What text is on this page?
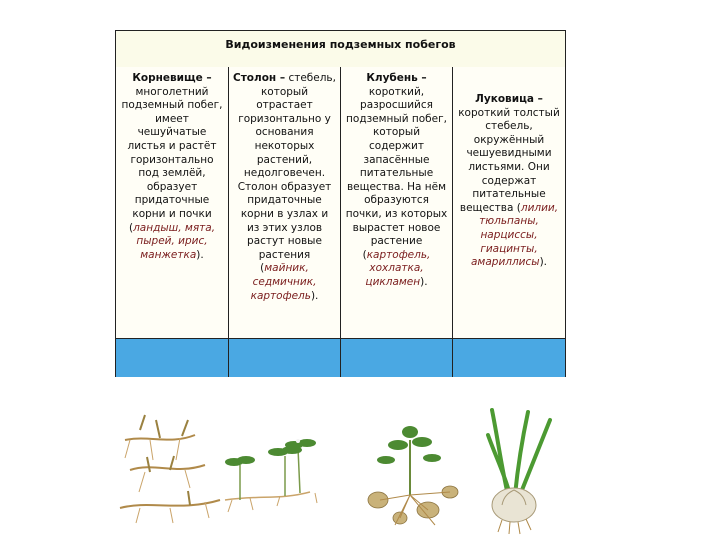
Видоизменения подземных побегов
Корневище – многолетний подземный побег, имеет чешуйчатые листья и растёт горизонтально под землёй, образует придаточные корни и почки (ландыш, мята, пырей, ирис, манжетка).
Столон – стебель, который отрастает горизонтально у основания некоторых растений, недолговечен. Столон образует придаточные корни в узлах и из этих узлов растут новые растения (майник, седмичник, картофель).
Клубень – короткий, разросшийся подземный побег, который содержит запасённые питательные вещества. На нём образуются почки, из которых вырастет новое растение (картофель, хохлатка, цикламен).
Луковица – короткий толстый стебель, окружённый чешуевидными листьями. Они содержат питательные вещества (лилии, тюльпаны, нарциссы, гиацинты, амариллисы).
